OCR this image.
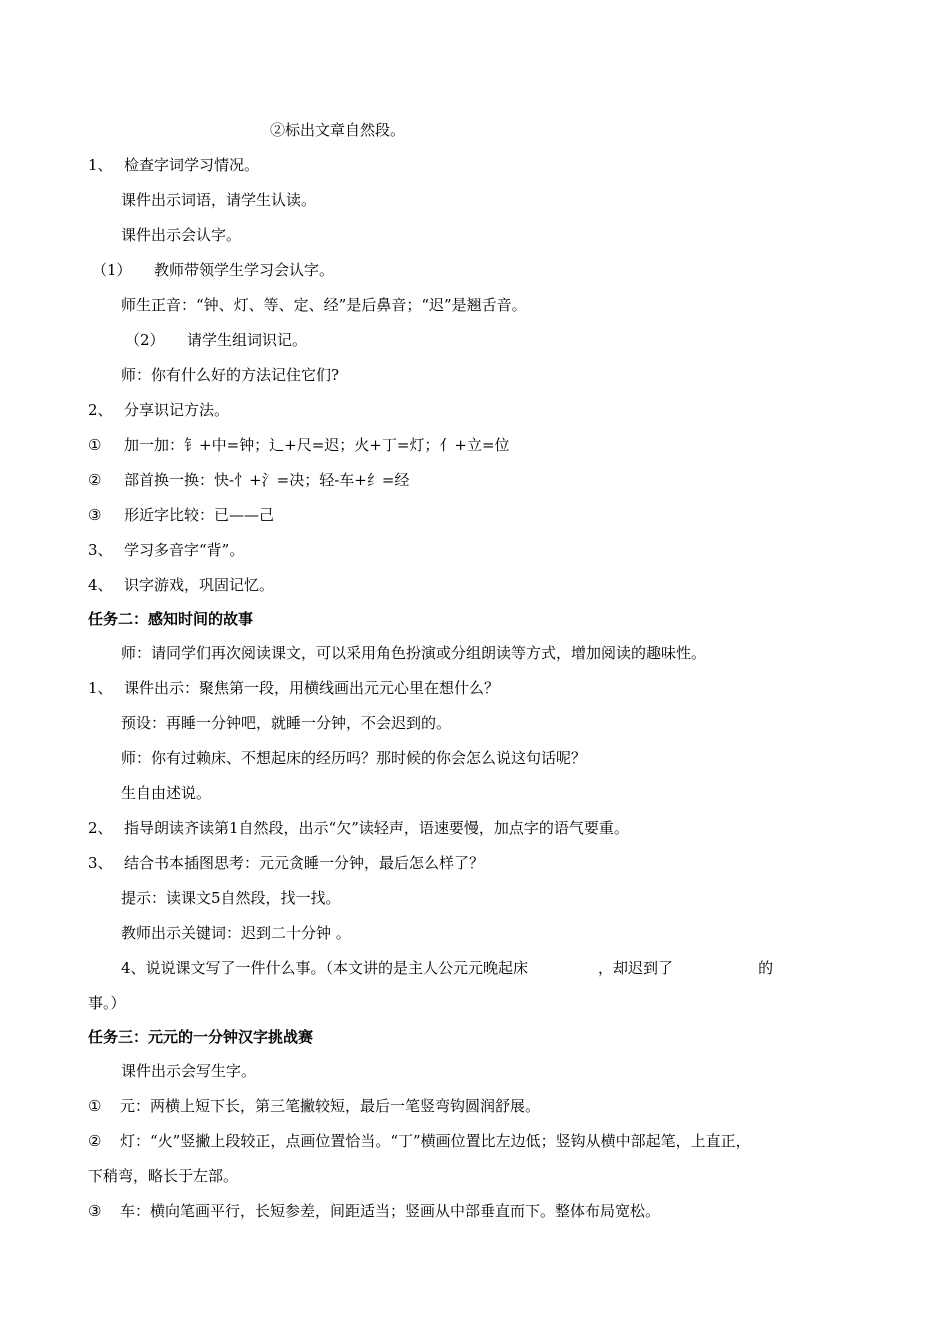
②标出文章自然段。
1、 检查字词学习情况。
课件出示词语，请学生认读。
课件出示会认字。
（1） 教师带领学生学习会认字。
师生正音：“钟、灯、等、定、经”是后鼻音；“迟”是翘舌音。
（2） 请学生组词识记。
师：你有什么好的方法记住它们?
2、 分享识记方法。
① 加一加：钅+中=钟；辶+尺=迟；火+丁=灯；亻+立=位
② 部首换一换：快-忄+氵=决；轻-车+纟=经
③ 形近字比较：已——己
3、 学习多音字“背”。
4、 识字游戏，巩固记忆。
任务二：感知时间的故事
师：请同学们再次阅读课文，可以采用角色扮演或分组朗读等方式，增加阅读的趣味性。
1、 课件出示：聚焦第一段，用横线画出元元心里在想什么？
预设：再睡一分钟吧，就睡一分钟，不会迟到的。
师：你有过赖床、不想起床的经历吗？那时候的你会怎么说这句话呢？
生自由述说。
2、 指导朗读齐读第1自然段，出示“欠”读轻声，语速要慢，加点字的语气要重。
3、 结合书本插图思考：元元贪睡一分钟，最后怎么样了？
提示：读课文5自然段，找一找。
教师出示关键词：迟到二十分钟 。
4、说说课文写了一件什么事。（本文讲的是主人公元元晚起床	，却迟到了	的
事。）
任务三：元元的一分钟汉字挑战赛
课件出示会写生字。
① 元：两横上短下长，第三笔撇较短，最后一笔竖弯钩圆润舒展。
② 灯：“火”竖撇上段较正，点画位置恰当。“丁”横画位置比左边低；竖钩从横中部起笔，上直正，
下稍弯，略长于左部。
③ 车：横向笔画平行，长短参差，间距适当；竖画从中部垂直而下。整体布局宽松。
